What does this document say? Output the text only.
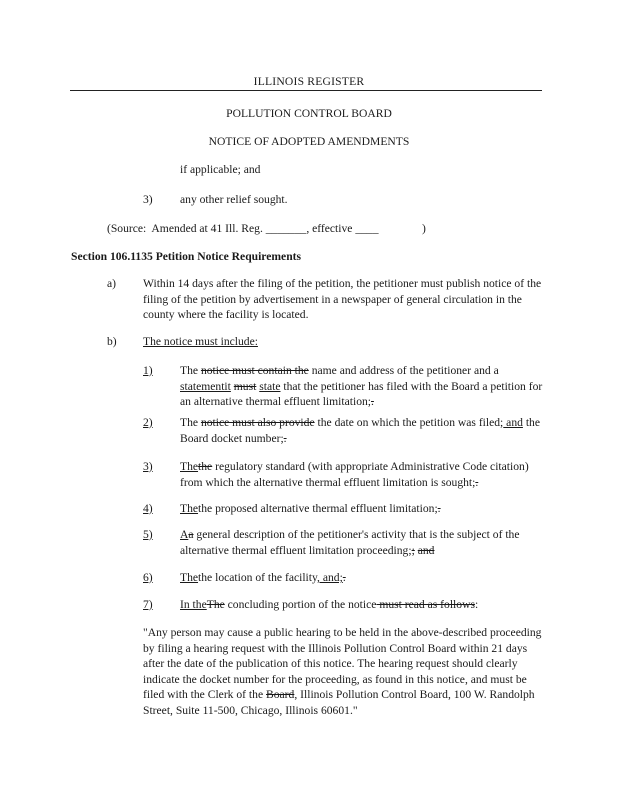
ILLINOIS REGISTER
POLLUTION CONTROL BOARD
NOTICE OF ADOPTED AMENDMENTS
if applicable; and
3) any other relief sought.
(Source:  Amended at 41 Ill. Reg. _______, effective ____               )
Section 106.1135 Petition Notice Requirements
a) Within 14 days after the filing of the petition, the petitioner must publish notice of the filing of the petition by advertisement in a newspaper of general circulation in the county where the facility is located.
b) The notice must include:
1) The notice must contain the name and address of the petitioner and a statementit must state that the petitioner has filed with the Board a petition for an alternative thermal effluent limitation;.
2) The notice must also provide the date on which the petition was filed; and the Board docket number;.
3) Thethe regulatory standard (with appropriate Administrative Code citation) from which the alternative thermal effluent limitation is sought;.
4) Thethe proposed alternative thermal effluent limitation;.
5) Aa general description of the petitioner's activity that is the subject of the alternative thermal effluent limitation proceeding;; and
6) Thethe location of the facility, and;.
7) In theThe concluding portion of the notice must read as follows:
"Any person may cause a public hearing to be held in the above-described proceeding by filing a hearing request with the Illinois Pollution Control Board within 21 days after the date of the publication of this notice. The hearing request should clearly indicate the docket number for the proceeding, as found in this notice, and must be filed with the Clerk of the Board, Illinois Pollution Control Board, 100 W. Randolph Street, Suite 11-500, Chicago, Illinois 60601."
